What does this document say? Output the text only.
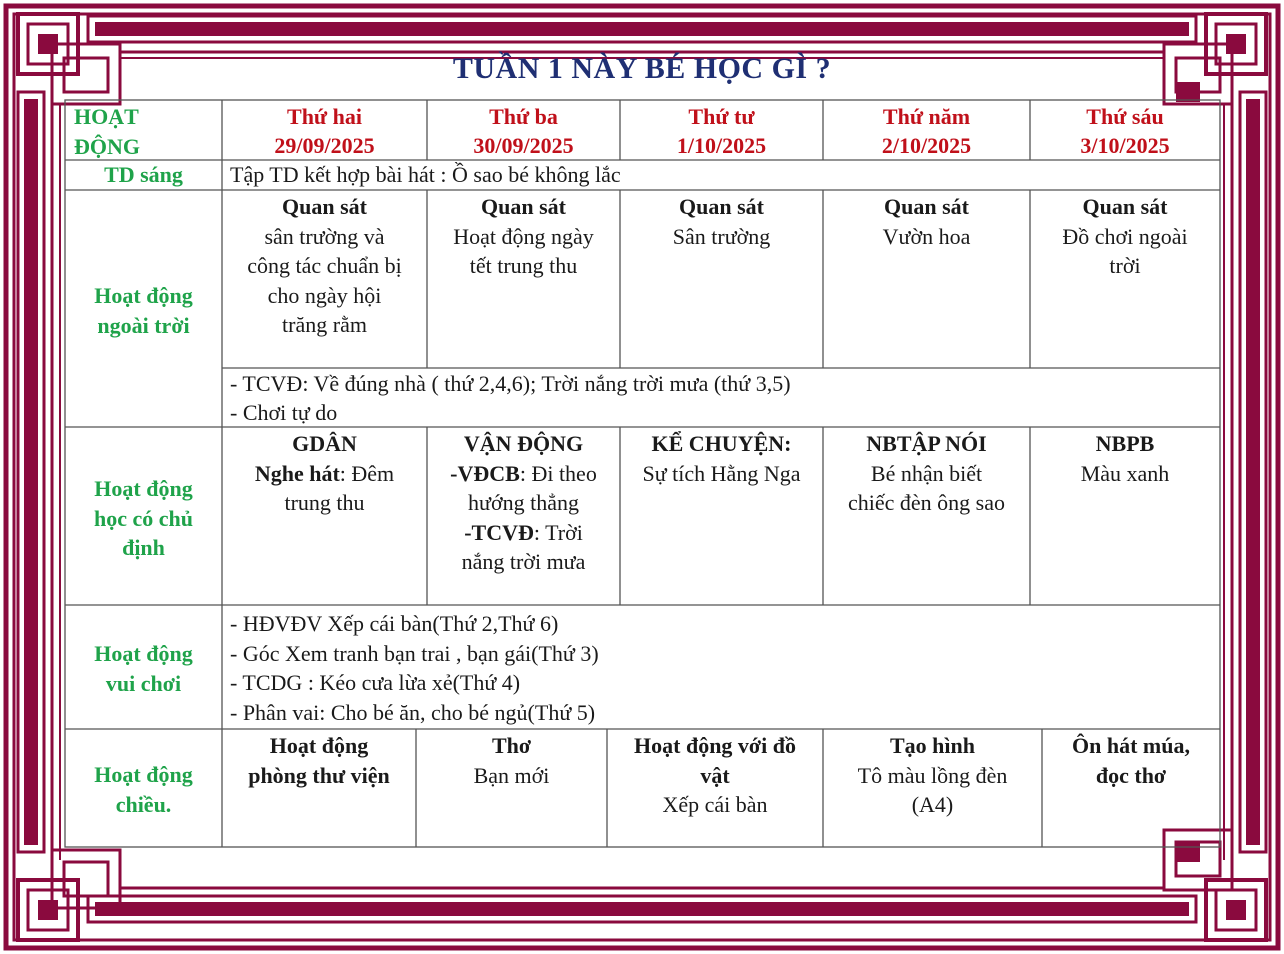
TUẦN 1 NÀY BÉ HỌC GÌ ?
HOẠT
ĐỘNG
Thứ hai
29/09/2025
Thứ ba
30/09/2025
Thứ tư
1/10/2025
Thứ năm
2/10/2025
Thứ sáu
3/10/2025
TD sáng	Tập TD kết hợp bài hát : Ồ sao bé không lắc
Hoạt động
ngoài trời
Quan sát
sân trường và
công tác chuẩn bị
cho ngày hội
trăng rằm
Quan sát
Hoạt động ngày
tết trung thu
Quan sát
Sân trường
Quan sát
Vườn hoa
Quan sát
Đồ chơi ngoài
trời
- TCVĐ: Về đúng nhà ( thứ 2,4,6); Trời nắng trời mưa (thứ 3,5)
- Chơi tự do
Hoạt động
học có chủ
định
GDÂN
Nghe hát: Đêm
trung thu
VẬN ĐỘNG
-VĐCB: Đi theo
hướng thẳng
-TCVĐ: Trời
nắng trời mưa
KỂ CHUYỆN:
Sự tích Hằng Nga
NBTẬP NÓI
Bé nhận biết
chiếc đèn ông sao
NBPB
Màu xanh
Hoạt động
vui chơi
- HĐVĐV Xếp cái bàn(Thứ 2,Thứ 6)
- Góc Xem tranh bạn trai , bạn gái(Thứ 3)
- TCDG : Kéo cưa lừa xẻ(Thứ 4)
- Phân vai: Cho bé ăn, cho bé ngủ(Thứ 5)
Hoạt động
chiều.
Hoạt động
phòng thư viện
Thơ
Bạn mới
Hoạt động với đồ
vật
Xếp cái bàn
Tạo hình
Tô màu lồng đèn
(A4)
Ôn hát múa,
đọc thơ
